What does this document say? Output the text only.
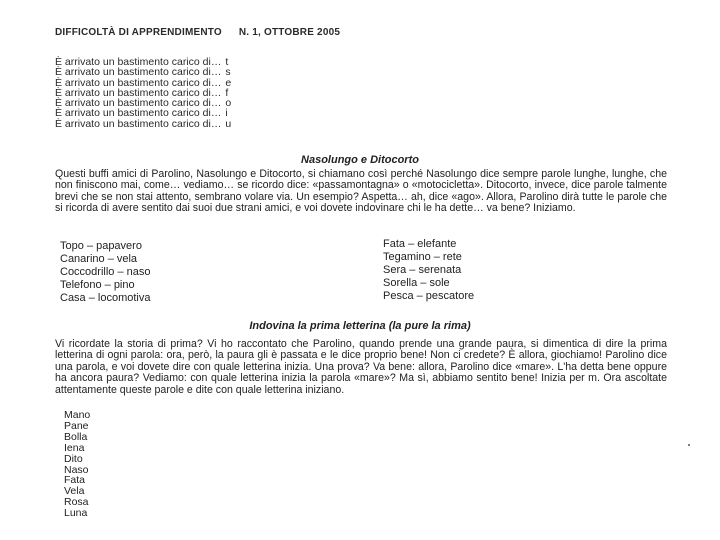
DIFFICOLTÀ DI APPRENDIMENTO N. 1, OTTOBRE 2005
È arrivato un bastimento carico di… t
È arrivato un bastimento carico di… s
È arrivato un bastimento carico di… e
È arrivato un bastimento carico di… f
È arrivato un bastimento carico di… o
È arrivato un bastimento carico di… i
È arrivato un bastimento carico di… u
Nasolungo e Ditocorto
Questi buffi amici di Parolino, Nasolungo e Ditocorto, si chiamano così perché Nasolungo dice sempre parole lunghe, lunghe, che non finiscono mai, come… vediamo… se ricordo dice: «passamontagna» o «motocicletta». Ditocorto, invece, dice parole talmente brevi che se non stai attento, sembrano volare via. Un esempio? Aspetta… ah, dice «ago». Allora, Parolino dirà tutte le parole che si ricorda di avere sentito dai suoi due strani amici, e voi dovete indovinare chi le ha dette… va bene? Iniziamo.
Topo – papavero
Canarino – vela
Coccodrillo – naso
Telefono – pino
Casa – locomotiva
Fata – elefante
Tegamino – rete
Sera – serenata
Sorella – sole
Pesca – pescatore
Indovina la prima letterina (la pure la rima)
Vi ricordate la storia di prima? Vi ho raccontato che Parolino, quando prende una grande paura, si dimentica di dire la prima letterina di ogni parola: ora, però, la paura gli è passata e le dice proprio bene! Non ci credete? È allora, giochiamo! Parolino dice una parola, e voi dovete dire con quale letterina inizia. Una prova? Va bene: allora, Parolino dice «mare». L'ha detta bene oppure ha ancora paura? Vediamo: con quale letterina inizia la parola «mare»? Ma sì, abbiamo sentito bene! Inizia per m. Ora ascoltate attentamente queste parole e dite con quale letterina iniziano.
Mano
Pane
Bolla
Iena
Dito
Naso
Fata
Vela
Rosa
Luna
